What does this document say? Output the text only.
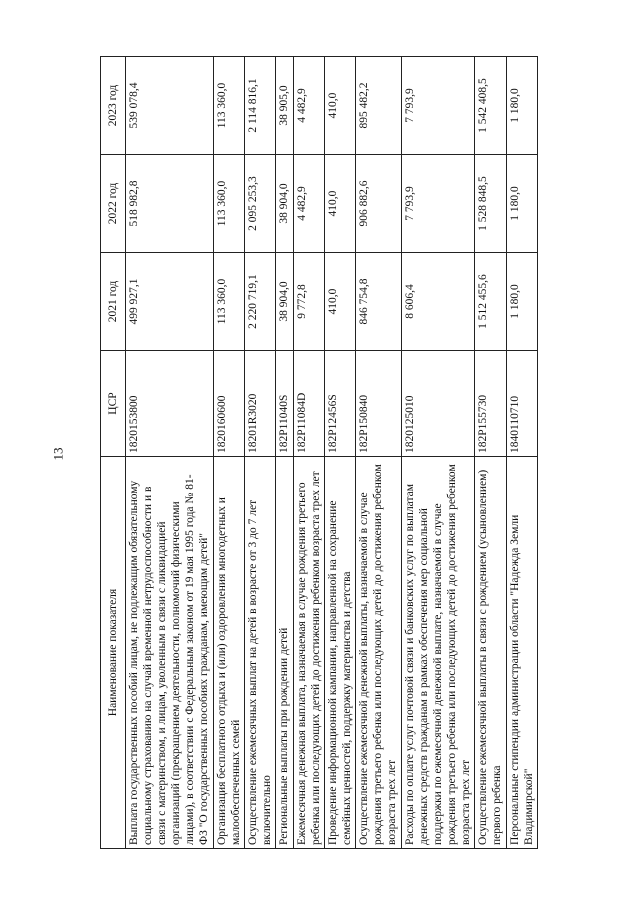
13
Наименование показателя	ЦСР	2021 год	2022 год	2023 год
Выплата государственных пособий лицам, не подлежащим обязательному социальному страхованию на случай временной нетрудоспособности и в связи с материнством, и лицам, уволенным в связи с ликвидацией организаций (прекращением деятельности, полномочий физическими лицами), в соответствии с Федеральным законом от 19 мая 1995 года № 81-ФЗ "О государственных пособиях гражданам, имеющим детей"	1820153800	499 927,1	518 982,8	539 078,4
Организация бесплатного отдыха и (или) оздоровления многодетных и малообеспеченных семей	1820160600	113 360,0	113 360,0	113 360,0
Осуществление ежемесячных выплат на детей в возрасте от 3 до 7 лет включительно	18201R3020	2 220 719,1	2 095 253,3	2 114 816,1
Региональные выплаты при рождении детей	182P11040S	38 904,0	38 904,0	38 905,0
Ежемесячная денежная выплата, назначаемая в случае рождения третьего ребенка или последующих детей до достижения ребенком возраста трех лет	182P11084D	9 772,8	4 482,9	4 482,9
Проведение информационной кампании, направленной на сохранение семейных ценностей, поддержку материнства и детства	182P12456S	410,0	410,0	410,0
Осуществление ежемесячной денежной выплаты, назначаемой в случае рождения третьего ребенка или последующих детей до достижения ребенком возраста трех лет	182P150840	846 754,8	906 882,6	895 482,2
Расходы по оплате услуг почтовой связи и банковских услуг по выплатам денежных средств гражданам в рамках обеспечения мер социальной поддержки по ежемесячной денежной выплате, назначаемой в случае рождения третьего ребенка или последующих детей до достижения ребенком возраста трех лет	1820125010	8 606,4	7 793,9	7 793,9
Осуществление ежемесячной выплаты в связи с рождением (усыновлением) первого ребенка	182P155730	1 512 455,6	1 528 848,5	1 542 408,5
Персональные стипендии администрации области "Надежда Земли Владимирской"	1840110710	1 180,0	1 180,0	1 180,0
